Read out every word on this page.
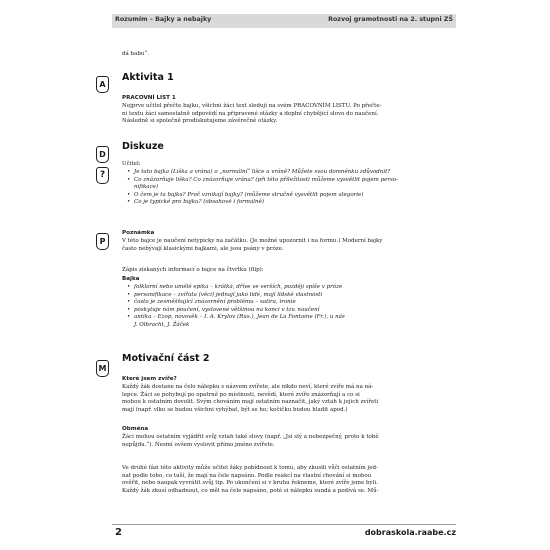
Rozumím – Bajky a nebajky	Rozvoj gramotnosti na 2. stupni ZŠ
dá babu“.
A
Aktivita 1
PRACOVNÍ LIST 1
Nejprve učitel přečte bajku, všichni žáci text sledují na svém PRACOVNÍM LISTU. Po přečte-
ní textu žáci samostatně odpovědí na připravené otázky a doplní chybějící slovo do naučení.
Následně si společně prodiskutujeme závěrečné otázky.
D
?
Diskuze
Učitel:
• Je tato bajka (Liška a vrána) o „normální“ lišce a vráně? Můžete svou domněnku zdůvodnit?
• Co znázorňuje liška? Co znázorňuje vrána? (při této příležitosti můžeme vysvětlit pojem perso-
nifikace)
• O čem je ta bajka? Proč vznikají bajky? (můžeme stručně vysvětlit pojem alegorie)
• Co je typické pro bajku? (obsahově i formálně)
P
Poznámka
V této bajce je naučení netypicky na začátku. (Je možné upozornit i na formu.) Moderní bajky
často nebývají klasickými bajkami, ale jsou psány v próze.
Zápis získaných informací o bajce na čtvrtku (flip):
Bajka
• folklorní nebo umělé epika – krátká, dříve ve verších, později spíše v próze
• personifikace – zvířata (věci) jednají jako lidé, mají lidské vlastnosti
• často je zesměšňující znázornění problému – satira, ironie
• poskytuje nám poučení, vyslovené většinou na konci v tzv. naučení
• antika – Ezop, novověk – I. A. Krylov (Rus.), Jean de La Fontaine (Fr.), u nás
J. Olbracht, J. Žáček
M
Motivační část 2
Které jsem zvíře?
Každý žák dostane na čelo nálepku s názvem zvířete, ale nikdo neví, které zvíře má na ná-
lepce. Žáci se pohybují po opatrně po místnosti, nevědí, které zvíře znázorňují a co si
mohou k ostatním dovolit. Svým chováním mají ostatním naznačit, jaký vztah k jejich zvířeti
mají (např. vlku se budou všichni vyhýbat, být se ho; kočičku budou hladit apod.)
Obměna
Žáci mohou ostatním vyjádřit svůj vztah také slovy (např. „Jsi slý a nebezpečný, proto k tobě
nepůjdu.“). Nesmí ovšem vyslovit přímo jméno zvířete.
Ve druhé fázi této aktivity může učitel žáky pobídnout k tomu, aby zkusili vůči ostatním jed-
nat podle toho, co tuší, že mají na čele napsáno. Podle reakcí na vlastní chování si mohou
ověřit, nebo naopak vyvrátit svůj tip. Po ukončení si v kruhu řekneme, které zvíře jsme byli.
Každý žák zkusí odhadnout, co měl na čele napsáno, poté si nálepku sundá a podívá se. Mů-
2	dobraskola.raabe.cz
